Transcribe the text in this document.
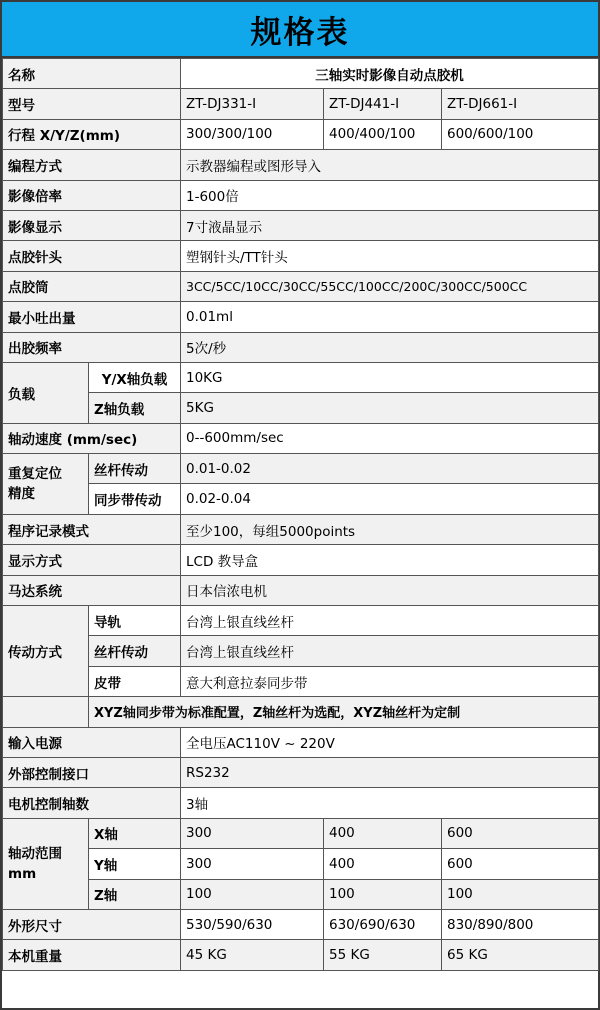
规格表
名称		三轴实时影像自动点胶机		
型号		ZT-DJ331-I	ZT-DJ441-I	ZT-DJ661-I
行程 X/Y/Z(mm)		300/300/100	400/400/100	600/600/100
编程方式		示教器编程或图形导入		
影像倍率		1-600倍		
影像显示		7寸液晶显示		
点胶针头		塑钢针头/TT针头		
点胶筒		3CC/5CC/10CC/30CC/55CC/100CC/200C/300CC/500CC		
最小吐出量		0.01ml		
出胶频率		5次/秒		
负载	Y/X轴负载	10KG		
	Z轴负载	5KG		
轴动速度 (mm/sec)		0--600mm/sec		
重复定位
精度	丝杆传动	0.01-0.02		
	同步带传动	0.02-0.04		
程序记录模式		至少100，每组5000points		
显示方式		LCD 教导盒		
马达系统		日本信浓电机		
传动方式	导轨	台湾上银直线丝杆		
	丝杆传动	台湾上银直线丝杆		
	皮带	意大利意拉泰同步带		
	XYZ轴同步带为标准配置，Z轴丝杆为选配，XYZ轴丝杆为定制			
输入电源		全电压AC110V ~ 220V		
外部控制接口		RS232		
电机控制轴数		3轴		
轴动范围
mm	X轴	300	400	600
	Y轴	300	400	600
	Z轴	100	100	100
外形尺寸		530/590/630	630/690/630	830/890/800
本机重量		45 KG	55 KG	65 KG
